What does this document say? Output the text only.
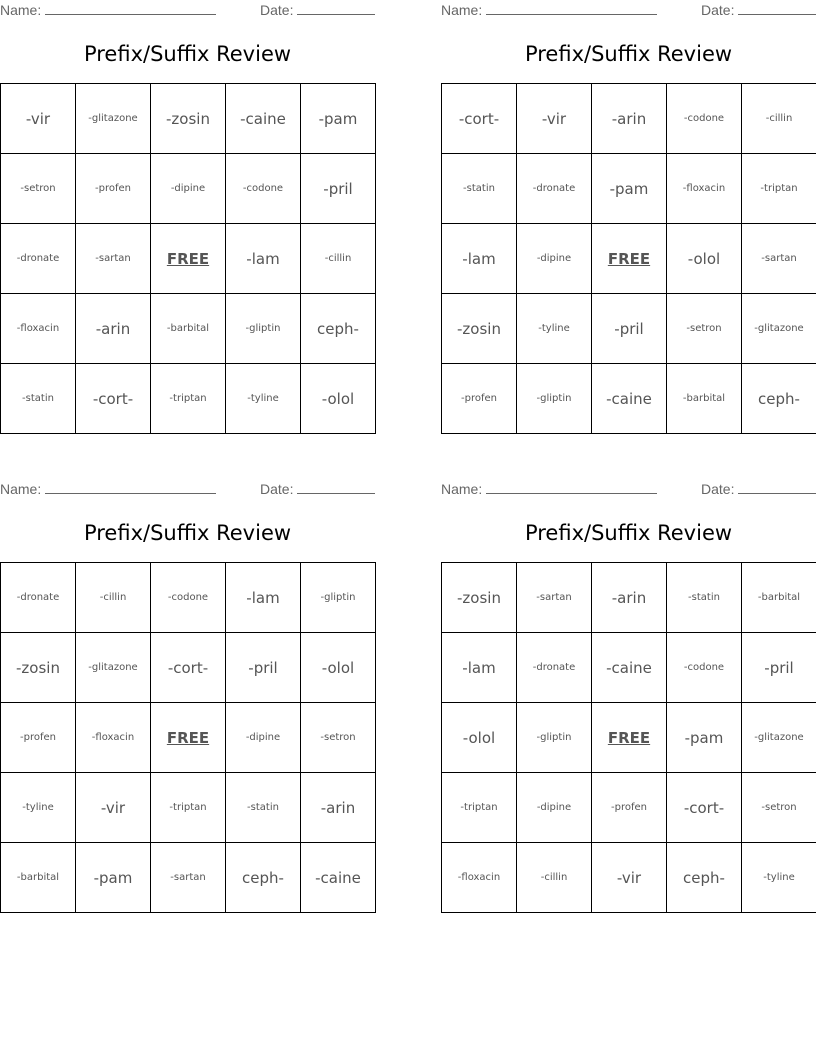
Name:	Date:
Prefix/Suffix Review
-vir	-glitazone	-zosin	-caine	-pam
-setron	-profen	-dipine	-codone	-pril
-dronate	-sartan	FREE	-lam	-cillin
-floxacin	-arin	-barbital	-gliptin	ceph-
-statin	-cort-	-triptan	-tyline	-olol
Name:	Date:
Prefix/Suffix Review
-cort-	-vir	-arin	-codone	-cillin
-statin	-dronate	-pam	-floxacin	-triptan
-lam	-dipine	FREE	-olol	-sartan
-zosin	-tyline	-pril	-setron	-glitazone
-profen	-gliptin	-caine	-barbital	ceph-
Name:	Date:
Prefix/Suffix Review
-dronate	-cillin	-codone	-lam	-gliptin
-zosin	-glitazone	-cort-	-pril	-olol
-profen	-floxacin	FREE	-dipine	-setron
-tyline	-vir	-triptan	-statin	-arin
-barbital	-pam	-sartan	ceph-	-caine
Name:	Date:
Prefix/Suffix Review
-zosin	-sartan	-arin	-statin	-barbital
-lam	-dronate	-caine	-codone	-pril
-olol	-gliptin	FREE	-pam	-glitazone
-triptan	-dipine	-profen	-cort-	-setron
-floxacin	-cillin	-vir	ceph-	-tyline
